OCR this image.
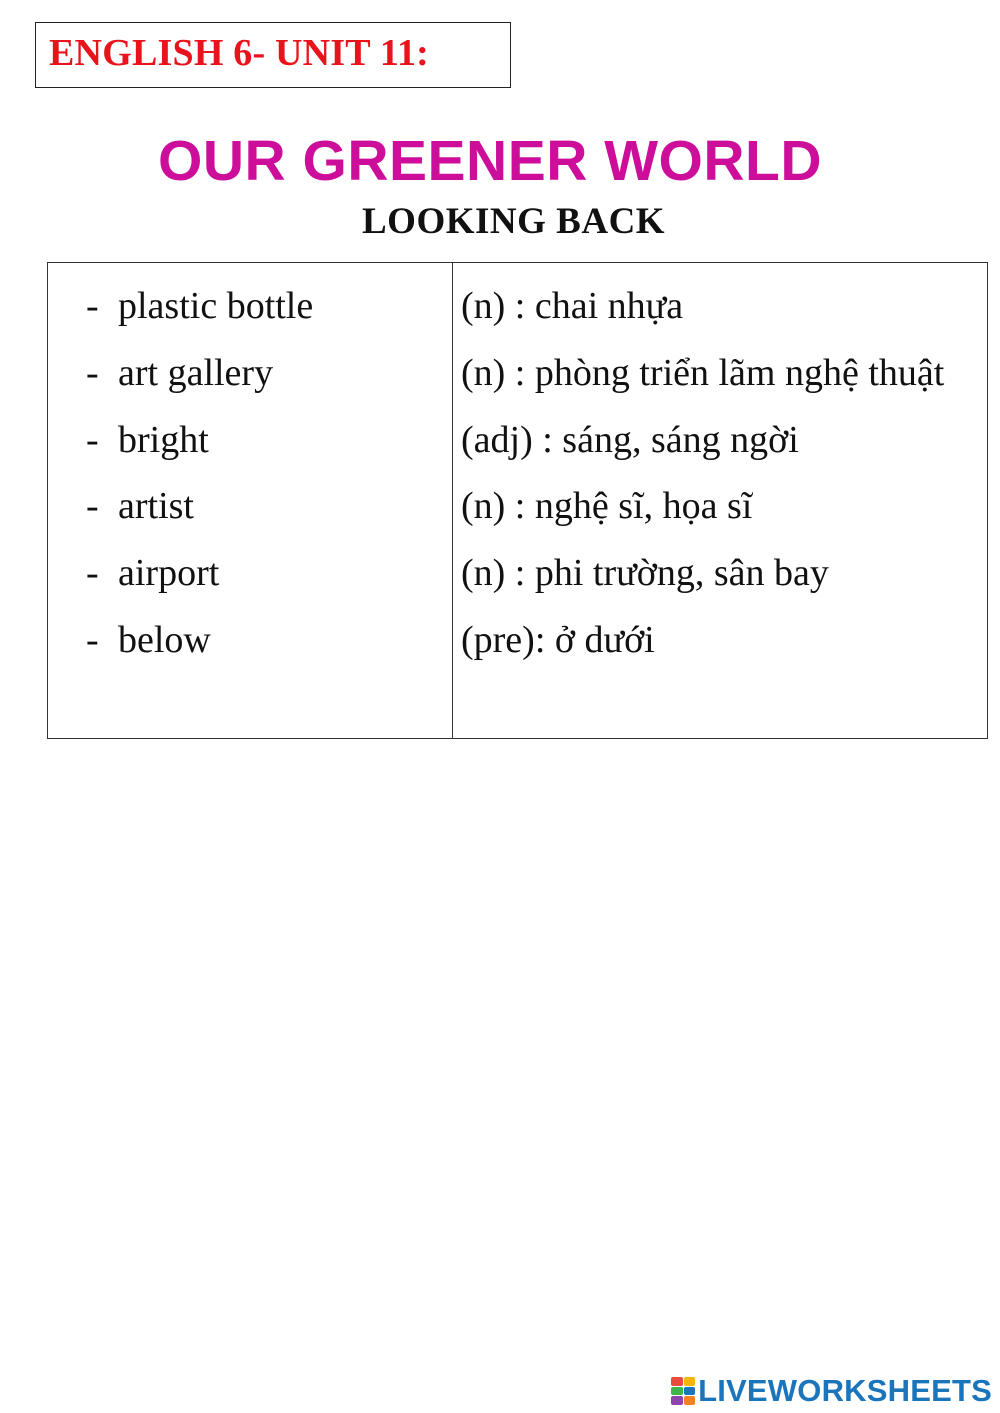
ENGLISH 6- UNIT 11:
OUR GREENER WORLD
LOOKING BACK
- plastic bottle
- art gallery
- bright
- artist
- airport
- below
(n) : chai nhựa
(n) : phòng triển lãm nghệ thuật
(adj) : sáng, sáng ngời
(n) : nghệ sĩ, họa sĩ
(n) : phi trường, sân bay
(pre): ở dưới
LIVEWORKSHEETS
